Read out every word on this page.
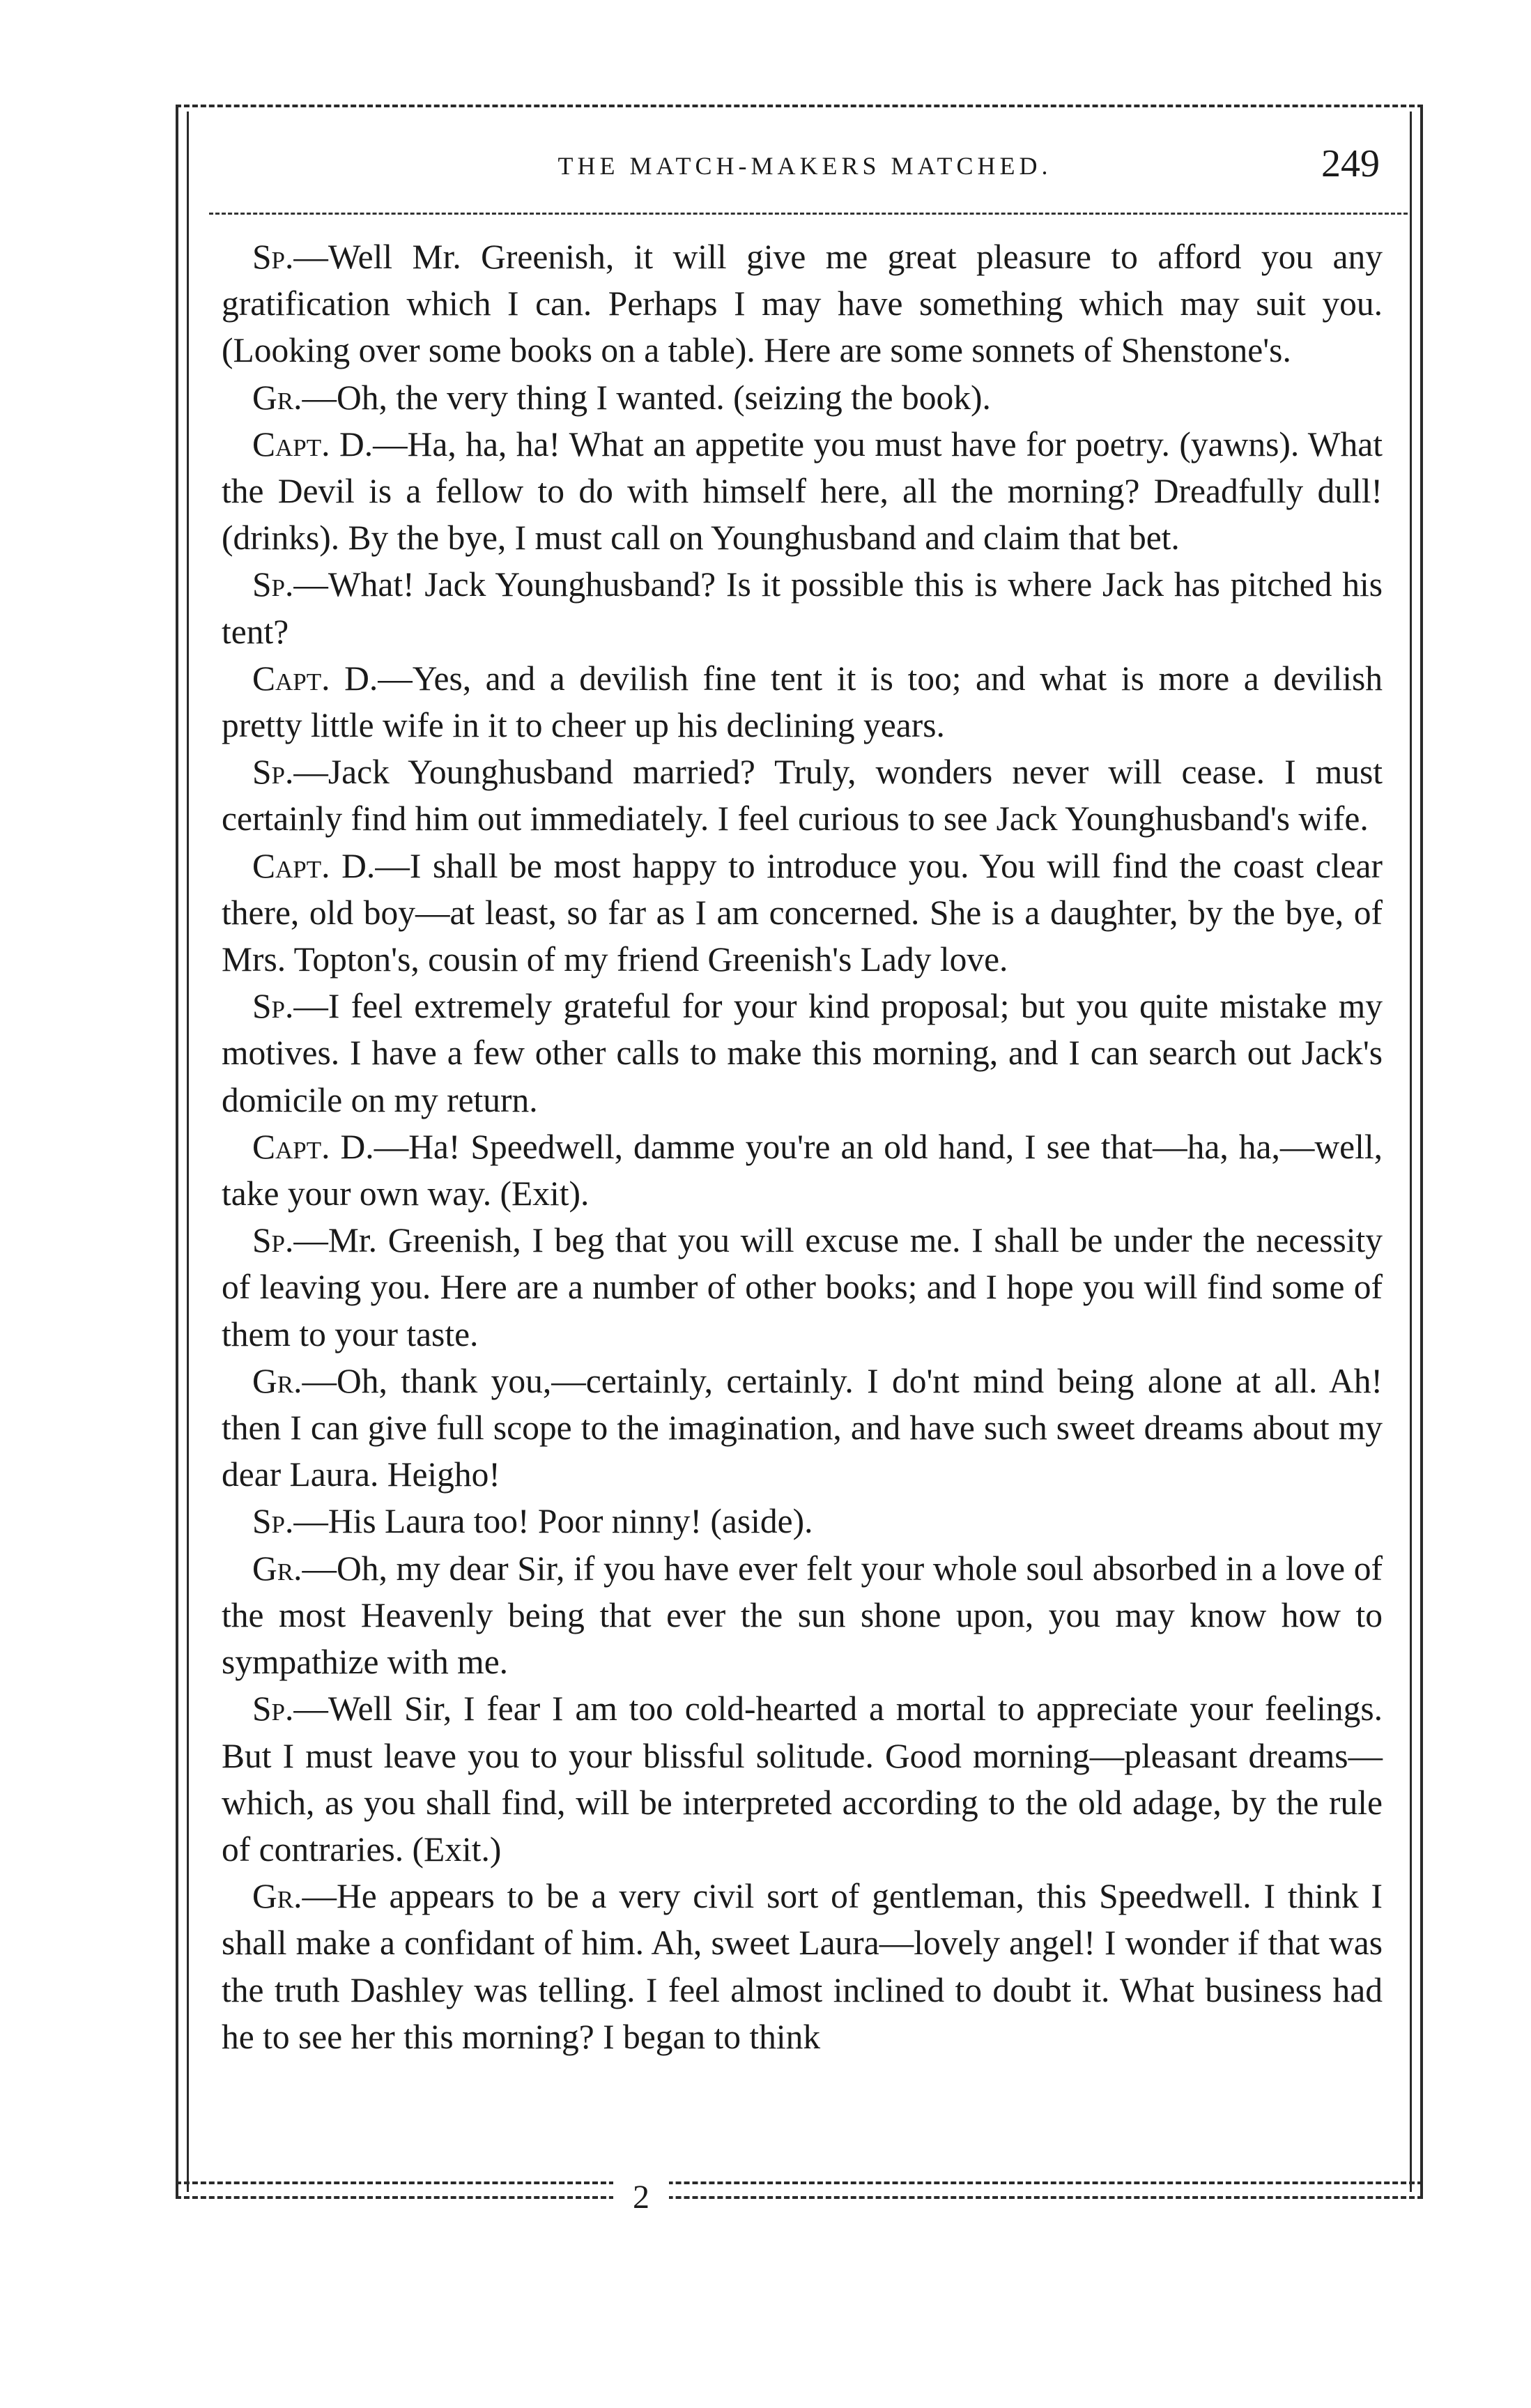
THE MATCH-MAKERS MATCHED.	249

Sp.—Well Mr. Greenish, it will give me great pleasure to afford you any gratification which I can. Perhaps I may have something which may suit you. (Looking over some books on a table). Here are some sonnets of Shenstone's.

Gr.—Oh, the very thing I wanted. (seizing the book).

Capt. D.—Ha, ha, ha! What an appetite you must have for poetry. (yawns). What the Devil is a fellow to do with himself here, all the morning? Dreadfully dull! (drinks). By the bye, I must call on Younghusband and claim that bet.

Sp.—What! Jack Younghusband? Is it possible this is where Jack has pitched his tent?

Capt. D.—Yes, and a devilish fine tent it is too; and what is more a devilish pretty little wife in it to cheer up his declining years.

Sp.—Jack Younghusband married? Truly, wonders never will cease. I must certainly find him out immediately. I feel curious to see Jack Younghusband's wife.

Capt. D.—I shall be most happy to introduce you. You will find the coast clear there, old boy—at least, so far as I am concerned. She is a daughter, by the bye, of Mrs. Topton's, cousin of my friend Greenish's Lady love.

Sp.—I feel extremely grateful for your kind proposal; but you quite mistake my motives. I have a few other calls to make this morning, and I can search out Jack's domicile on my return.

Capt. D.—Ha! Speedwell, damme you're an old hand, I see that—ha, ha,—well, take your own way. (Exit).

Sp.—Mr. Greenish, I beg that you will excuse me. I shall be under the necessity of leaving you. Here are a number of other books; and I hope you will find some of them to your taste.

Gr.—Oh, thank you,—certainly, certainly. I do'nt mind being alone at all. Ah! then I can give full scope to the imagination, and have such sweet dreams about my dear Laura. Heigho!

Sp.—His Laura too! Poor ninny! (aside).

Gr.—Oh, my dear Sir, if you have ever felt your whole soul absorbed in a love of the most Heavenly being that ever the sun shone upon, you may know how to sympathize with me.

Sp.—Well Sir, I fear I am too cold-hearted a mortal to appreciate your feelings. But I must leave you to your blissful solitude. Good morning—pleasant dreams—which, as you shall find, will be interpreted according to the old adage, by the rule of contraries. (Exit.)

Gr.—He appears to be a very civil sort of gentleman, this Speedwell. I think I shall make a confidant of him. Ah, sweet Laura—lovely angel! I wonder if that was the truth Dashley was telling. I feel almost inclined to doubt it. What business had he to see her this morning? I began to think

2
